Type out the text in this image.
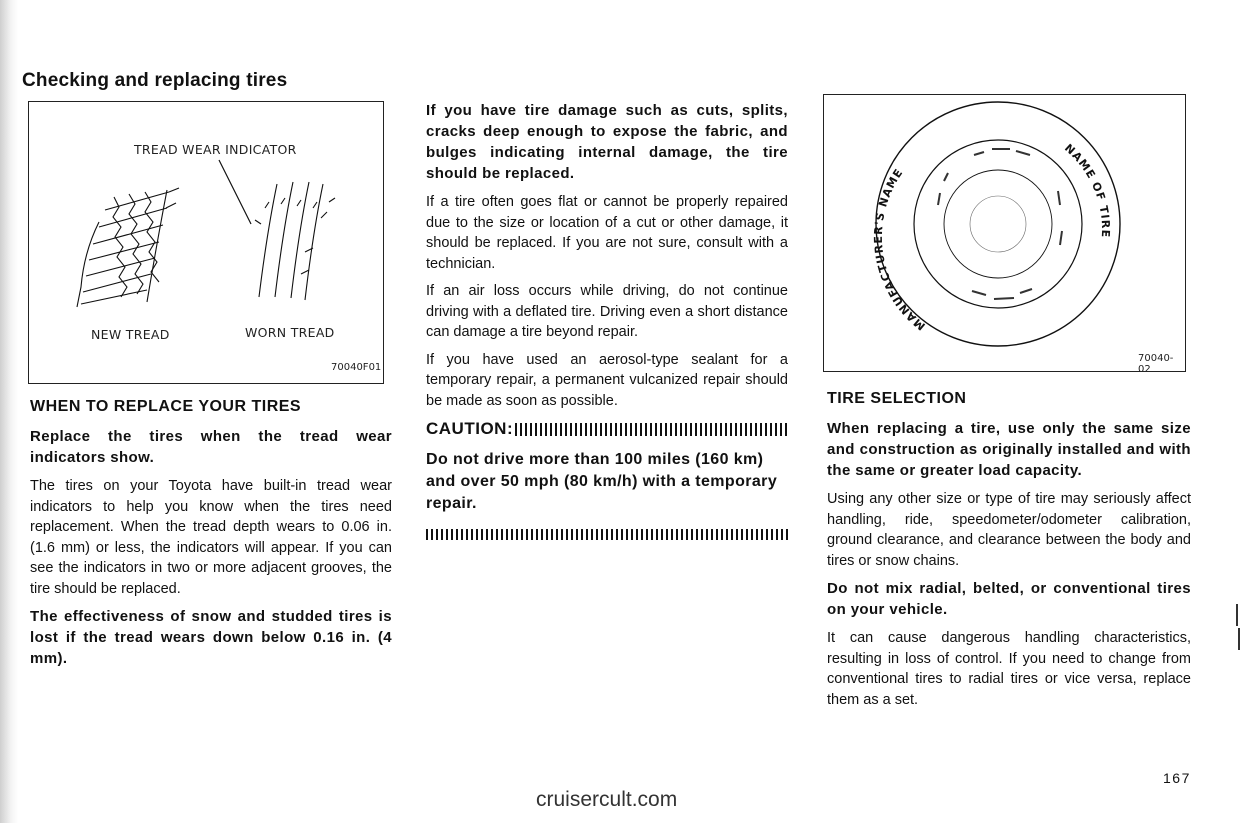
Checking and replacing tires
TREAD WEAR INDICATOR
NEW TREAD	WORN TREAD
70040F01
WHEN TO REPLACE YOUR TIRES

Replace the tires when the tread wear indicators show.

The tires on your Toyota have built-in tread wear indicators to help you know when the tires need replacement. When the tread depth wears to 0.06 in. (1.6 mm) or less, the indicators will appear. If you can see the indicators in two or more adjacent grooves, the tire should be replaced.

The effectiveness of snow and studded tires is lost if the tread wears down below 0.16 in. (4 mm).

If you have tire damage such as cuts, splits, cracks deep enough to expose the fabric, and bulges indicating internal damage, the tire should be replaced.

If a tire often goes flat or cannot be properly repaired due to the size or location of a cut or other damage, it should be replaced. If you are not sure, consult with a technician.

If an air loss occurs while driving, do not continue driving with a deflated tire. Driving even a short distance can damage a tire beyond repair.

If you have used an aerosol-type sealant for a temporary repair, a permanent vulcanized repair should be made as soon as possible.

CAUTION:

Do not drive more than 100 miles (160 km) and over 50 mph (80 km/h) with a temporary repair.

MANUFACTURER'S NAME
NAME OF TIRE
70040-02
TIRE SELECTION

When replacing a tire, use only the same size and construction as originally installed and with the same or greater load capacity.

Using any other size or type of tire may seriously affect handling, ride, speedometer/odometer calibration, ground clearance, and clearance between the body and tires or snow chains.

Do not mix radial, belted, or conventional tires on your vehicle.

It can cause dangerous handling characteristics, resulting in loss of control. If you need to change from conventional tires to radial tires or vice versa, replace them as a set.

167
cruisercult.com
